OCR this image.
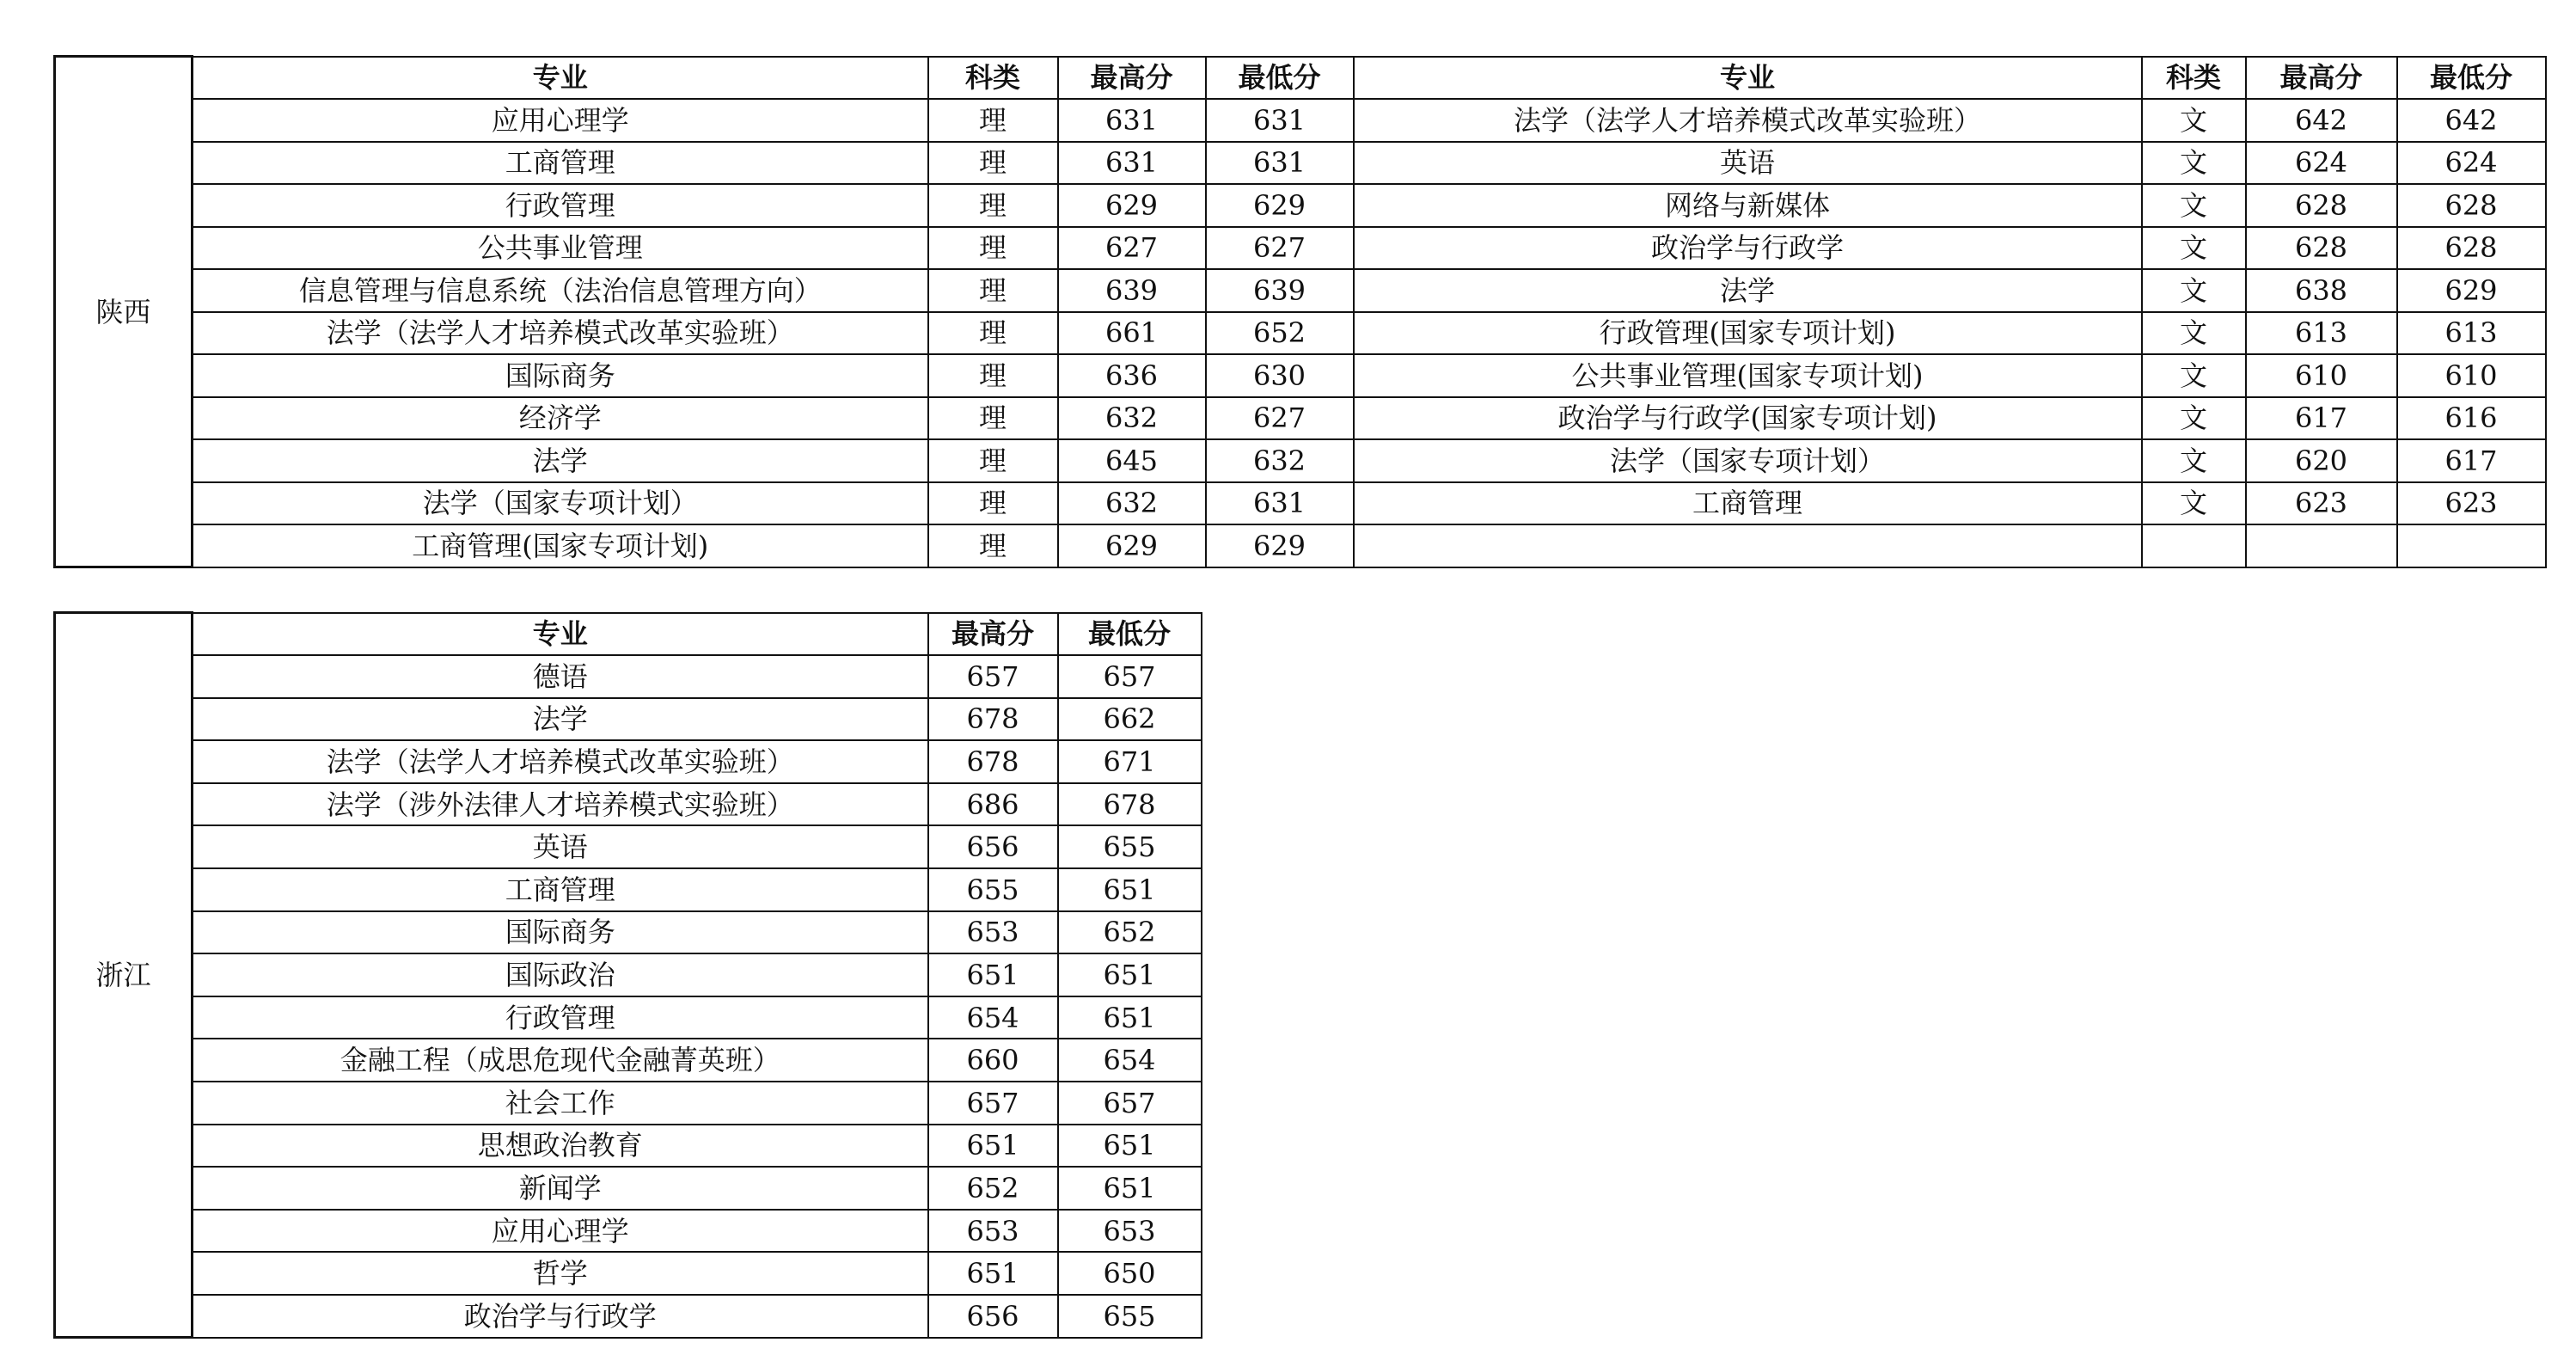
陕西	专业	科类	最高分	最低分	专业	科类	最高分	最低分
	应用心理学	理	631	631	法学（法学人才培养模式改革实验班）	文	642	642
	工商管理	理	631	631	英语	文	624	624
	行政管理	理	629	629	网络与新媒体	文	628	628
	公共事业管理	理	627	627	政治学与行政学	文	628	628
	信息管理与信息系统（法治信息管理方向）	理	639	639	法学	文	638	629
	法学（法学人才培养模式改革实验班）	理	661	652	行政管理(国家专项计划)	文	613	613
	国际商务	理	636	630	公共事业管理(国家专项计划)	文	610	610
	经济学	理	632	627	政治学与行政学(国家专项计划)	文	617	616
	法学	理	645	632	法学（国家专项计划）	文	620	617
	法学（国家专项计划）	理	632	631	工商管理	文	623	623
	工商管理(国家专项计划)	理	629	629				
浙江	专业	最高分	最低分
	德语	657	657
	法学	678	662
	法学（法学人才培养模式改革实验班）	678	671
	法学（涉外法律人才培养模式实验班）	686	678
	英语	656	655
	工商管理	655	651
	国际商务	653	652
	国际政治	651	651
	行政管理	654	651
	金融工程（成思危现代金融菁英班）	660	654
	社会工作	657	657
	思想政治教育	651	651
	新闻学	652	651
	应用心理学	653	653
	哲学	651	650
	政治学与行政学	656	655
